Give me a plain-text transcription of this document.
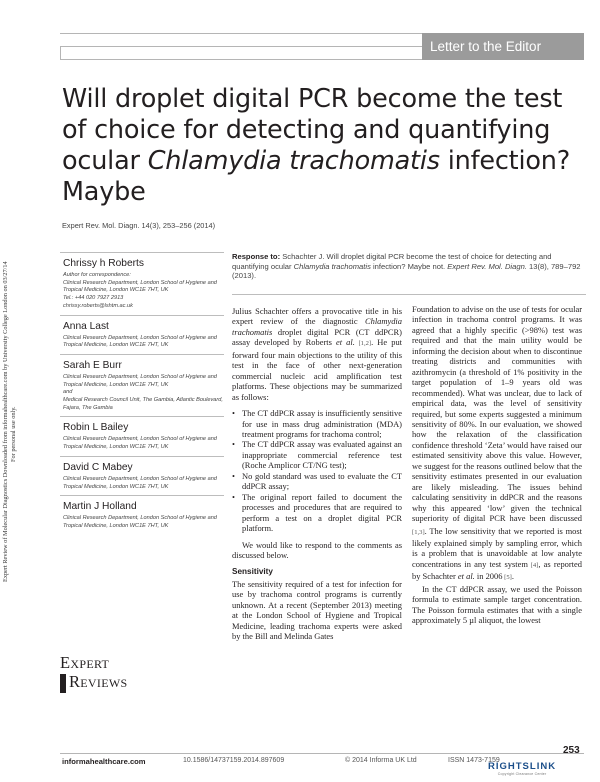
Letter to the Editor
Expert Review of Molecular Diagnostics Downloaded from informahealthcare.com by University College London on 03/27/14
For personal use only.
Will droplet digital PCR become the test of choice for detecting and quantifying ocular Chlamydia trachomatis infection? Maybe
Expert Rev. Mol. Diagn. 14(3), 253–256 (2014)
Chrissy h Roberts
Author for correspondence:
Clinical Research Department, London School of Hygiene and Tropical Medicine, London WC1E 7HT, UK
Tel.: +44 020 7927 2913
chrissy.roberts@lshtm.ac.uk
Anna Last
Clinical Research Department, London School of Hygiene and Tropical Medicine, London WC1E 7HT, UK
Sarah E Burr
Clinical Research Department, London School of Hygiene and Tropical Medicine, London WC1E 7HT, UK
and
Medical Research Council Unit, The Gambia, Atlantic Boulevard, Fajara, The Gambia
Robin L Bailey
Clinical Research Department, London School of Hygiene and Tropical Medicine, London WC1E 7HT, UK
David C Mabey
Clinical Research Department, London School of Hygiene and Tropical Medicine, London WC1E 7HT, UK
Martin J Holland
Clinical Research Department, London School of Hygiene and Tropical Medicine, London WC1E 7HT, UK
Expert
Reviews
Response to: Schachter J. Will droplet digital PCR become the test of choice for detecting and quantifying ocular Chlamydia trachomatis infection? Maybe not. Expert Rev. Mol. Diagn. 13(8), 789–792 (2013).

Julius Schachter offers a provocative title in his expert review of the diagnostic Chlamydia trachomatis droplet digital PCR (CT ddPCR) assay developed by Roberts et al. [1,2]. He put forward four main objections to the utility of this test in the face of other next-generation commercial nucleic acid amplification test platforms. These objections may be summarized as follows:

• The CT ddPCR assay is insufficiently sensitive for use in mass drug administration (MDA) treatment programs for trachoma control;
• The CT ddPCR assay was evaluated against an inappropriate commercial reference test (Roche Amplicor CT/NG test);
• No gold standard was used to evaluate the CT ddPCR assay;
• The original report failed to document the processes and procedures that are required to perform a test on a droplet digital PCR platform.

We would like to respond to the comments as discussed below.

Sensitivity

The sensitivity required of a test for infection for use by trachoma control programs is currently unknown. At a recent (September 2013) meeting at the London School of Hygiene and Tropical Medicine, leading trachoma experts were asked by the Bill and Melinda Gates

Foundation to advise on the use of tests for ocular infection in trachoma control programs. It was agreed that a highly specific (>98%) test was required and that the main utility would be informing the decision about when to discontinue treating districts and communities with azithromycin (a threshold of 1% positivity in the target population of 1–9 years old was recommended). What was unclear, due to lack of empirical data, was the level of sensitivity required, but some experts suggested a minimum sensitivity of 80%. In our evaluation, we showed how the relaxation of the classification confidence threshold ‘Zeta’ would have raised our estimated sensitivity above this value. However, we suggest for the reasons outlined below that the sensitivity estimates presented in our evaluation are likely misleading. The issues behind calculating sensitivity in ddPCR and the reasons why this appeared ‘low’ given the technical superiority of digital PCR have been discussed [1,3]. The low sensitivity that we reported is most likely explained simply by sampling error, which is a problem that is unavoidable at low analyte concentrations in any test system [4], as reported by Schachter et al. in 2006 [5].

In the CT ddPCR assay, we used the Poisson formula to estimate sample target concentration. The Poisson formula estimates that with a single approximately 5 µl aliquot, the lowest

informahealthcare.com	10.1586/14737159.2014.897609	© 2014 Informa UK Ltd	ISSN 1473-7159
253
RIGHTSLINK
Copyright Clearance Center
